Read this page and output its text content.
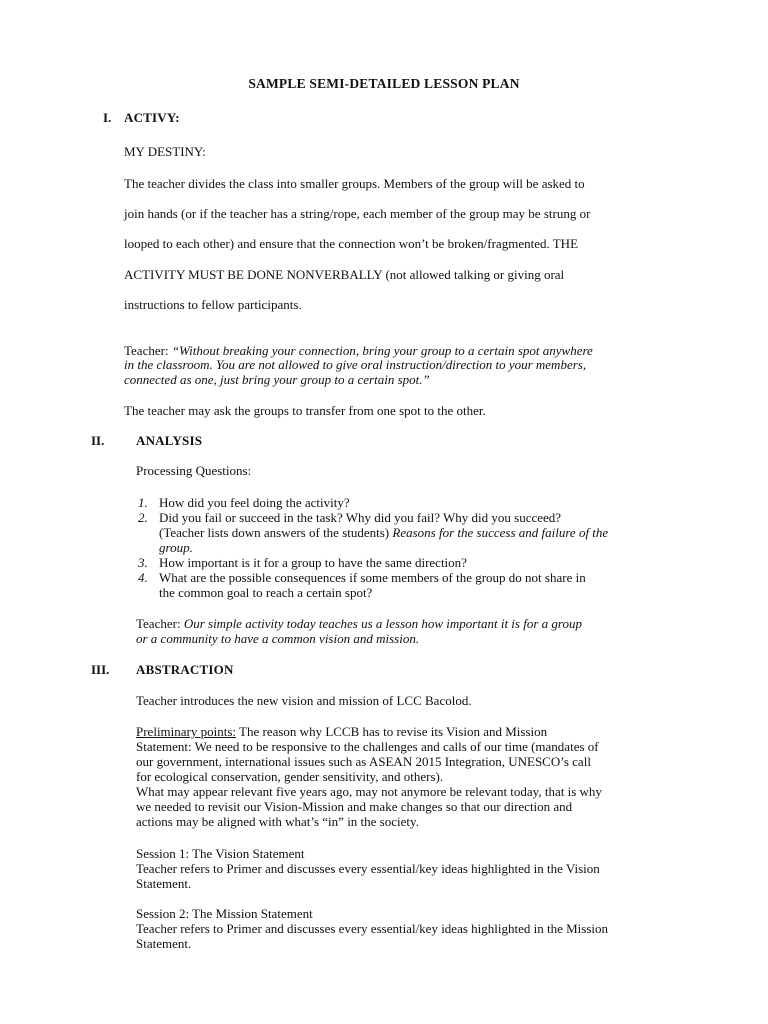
SAMPLE SEMI-DETAILED LESSON PLAN
I. ACTIVY:
MY DESTINY:
The teacher divides the class into smaller groups. Members of the group will be asked to
join hands (or if the teacher has a string/rope, each member of the group may be strung or
looped to each other) and ensure that the connection won’t be broken/fragmented. THE
ACTIVITY MUST BE DONE NONVERBALLY (not allowed talking or giving oral
instructions to fellow participants.
Teacher: “Without breaking your connection, bring your group to a certain spot anywhere
in the classroom. You are not allowed to give oral instruction/direction to your members,
connected as one, just bring your group to a certain spot.”
The teacher may ask the groups to transfer from one spot to the other.
II. ANALYSIS
Processing Questions:
1. How did you feel doing the activity?
2. Did you fail or succeed in the task? Why did you fail? Why did you succeed?
(Teacher lists down answers of the students) Reasons for the success and failure of the
group.
3. How important is it for a group to have the same direction?
4. What are the possible consequences if some members of the group do not share in
the common goal to reach a certain spot?
Teacher: Our simple activity today teaches us a lesson how important it is for a group
or a community to have a common vision and mission.
III. ABSTRACTION
Teacher introduces the new vision and mission of LCC Bacolod.
Preliminary points: The reason why LCCB has to revise its Vision and Mission
Statement: We need to be responsive to the challenges and calls of our time (mandates of
our government, international issues such as ASEAN 2015 Integration, UNESCO’s call
for ecological conservation, gender sensitivity, and others).
What may appear relevant five years ago, may not anymore be relevant today, that is why
we needed to revisit our Vision-Mission and make changes so that our direction and
actions may be aligned with what’s “in” in the society.
Session 1: The Vision Statement
Teacher refers to Primer and discusses every essential/key ideas highlighted in the Vision
Statement.
Session 2: The Mission Statement
Teacher refers to Primer and discusses every essential/key ideas highlighted in the Mission
Statement.
